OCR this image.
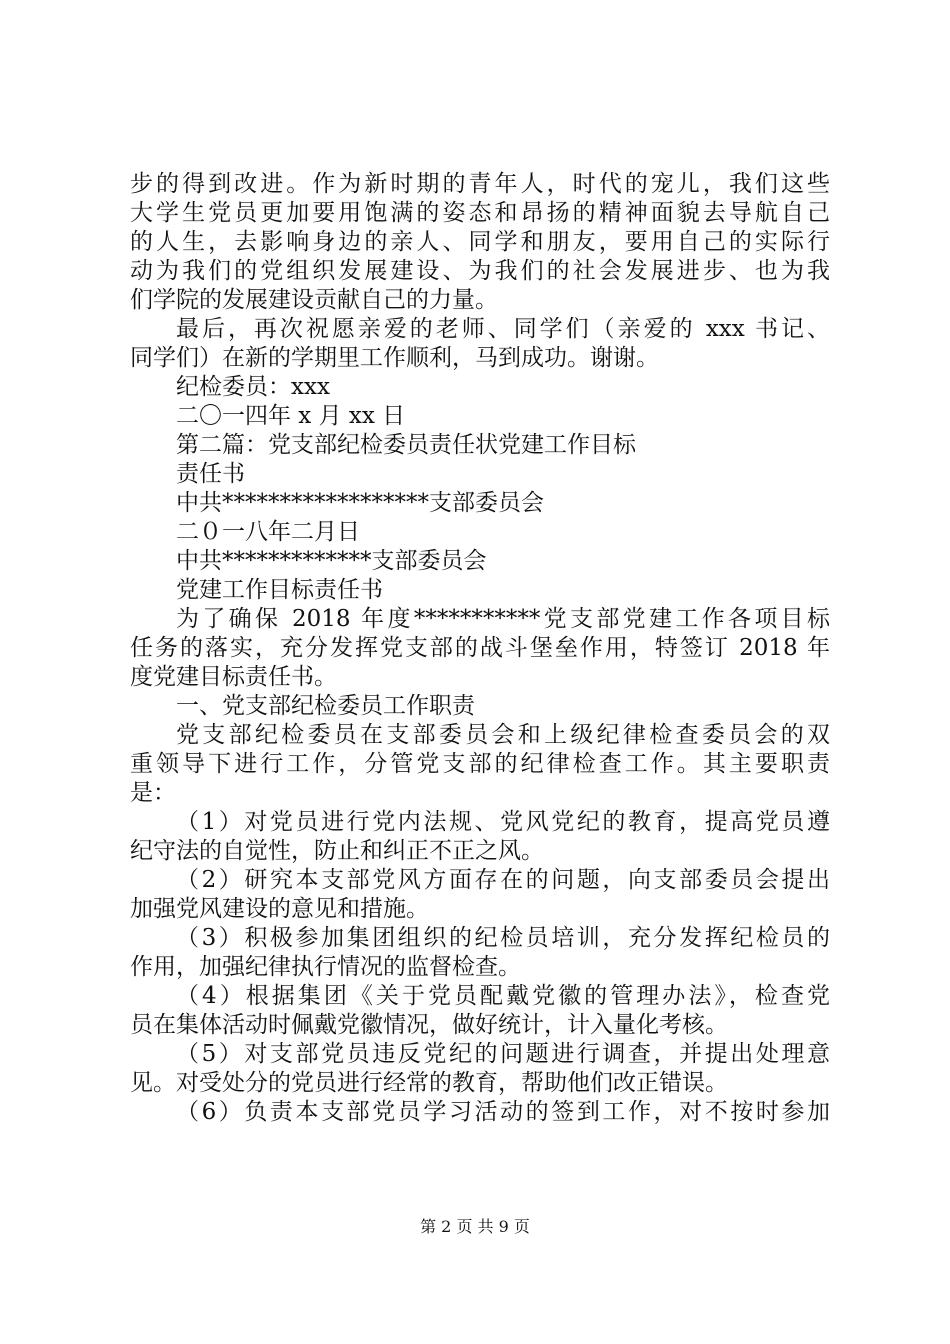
步的得到改进。作为新时期的青年人，时代的宠儿，我们这些
大学生党员更加要用饱满的姿态和昂扬的精神面貌去导航自己
的人生，去影响身边的亲人、同学和朋友，要用自己的实际行
动为我们的党组织发展建设、为我们的社会发展进步、也为我
们学院的发展建设贡献自己的力量。
最后，再次祝愿亲爱的老师、同学们（亲爱的 xxx 书记、
同学们）在新的学期里工作顺利，马到成功。谢谢。
纪检委员：xxx
二〇一四年 x 月 xx 日
第二篇：党支部纪检委员责任状党建工作目标
责任书
中共******************支部委员会
二０一八年二月日
中共*************支部委员会
党建工作目标责任书
为了确保 2018 年度***********党支部党建工作各项目标
任务的落实，充分发挥党支部的战斗堡垒作用，特签订 2018 年
度党建目标责任书。
一、党支部纪检委员工作职责
党支部纪检委员在支部委员会和上级纪律检查委员会的双
重领导下进行工作，分管党支部的纪律检查工作。其主要职责
是：
（1）对党员进行党内法规、党风党纪的教育，提高党员遵
纪守法的自觉性，防止和纠正不正之风。
（2）研究本支部党风方面存在的问题，向支部委员会提出
加强党风建设的意见和措施。
（3）积极参加集团组织的纪检员培训，充分发挥纪检员的
作用，加强纪律执行情况的监督检查。
（4）根据集团《关于党员配戴党徽的管理办法》，检查党
员在集体活动时佩戴党徽情况，做好统计，计入量化考核。
（5）对支部党员违反党纪的问题进行调查，并提出处理意
见。对受处分的党员进行经常的教育，帮助他们改正错误。
（6）负责本支部党员学习活动的签到工作，对不按时参加
第 2 页 共 9 页
